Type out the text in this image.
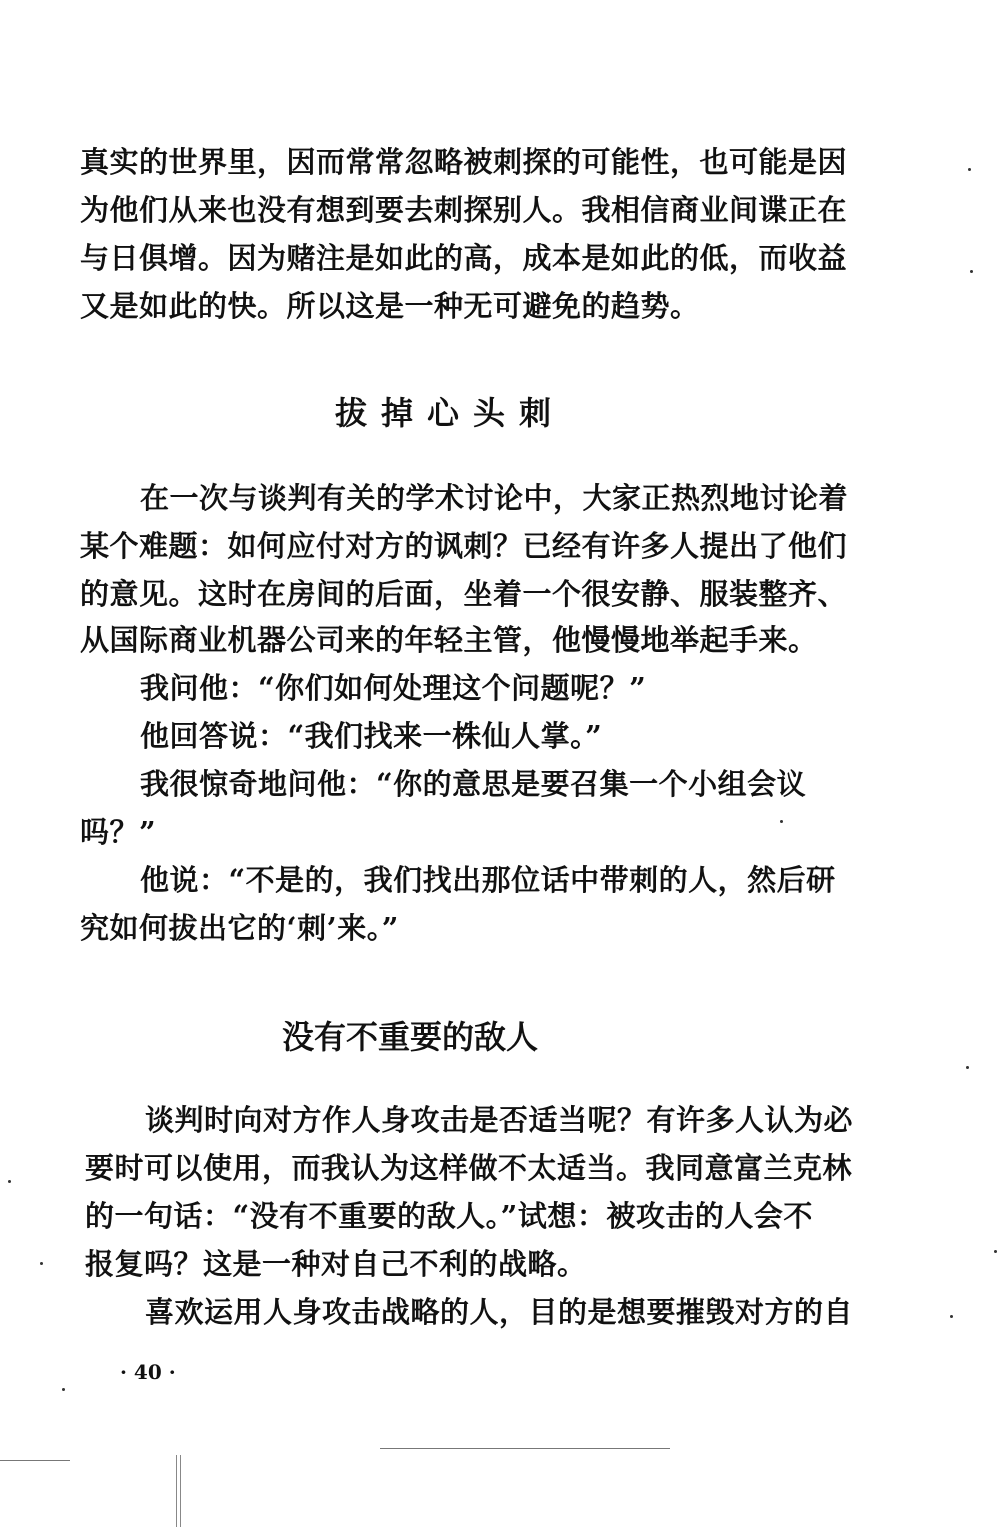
真实的世界里，因而常常忽略被刺探的可能性，也可能是因
为他们从来也没有想到要去刺探别人。我相信商业间谍正在
与日俱增。因为赌注是如此的高，成本是如此的低，而收益
又是如此的快。所以这是一种无可避免的趋势。
拔掉心头刺
在一次与谈判有关的学术讨论中，大家正热烈地讨论着
某个难题：如何应付对方的讽刺？已经有许多人提出了他们
的意见。这时在房间的后面，坐着一个很安静、服装整齐、
从国际商业机器公司来的年轻主管，他慢慢地举起手来。
我问他：“你们如何处理这个问题呢？”
他回答说：“我们找来一株仙人掌。”
我很惊奇地问他：“你的意思是要召集一个小组会议
吗？”
他说：“不是的，我们找出那位话中带刺的人，然后研
究如何拔出它的‘刺’来。”
没有不重要的敌人
谈判时向对方作人身攻击是否适当呢？有许多人认为必
要时可以使用，而我认为这样做不太适当。我同意富兰克林
的一句话：“没有不重要的敌人。”试想：被攻击的人会不
报复吗？这是一种对自己不利的战略。
喜欢运用人身攻击战略的人，目的是想要摧毁对方的自
· 40 ·
